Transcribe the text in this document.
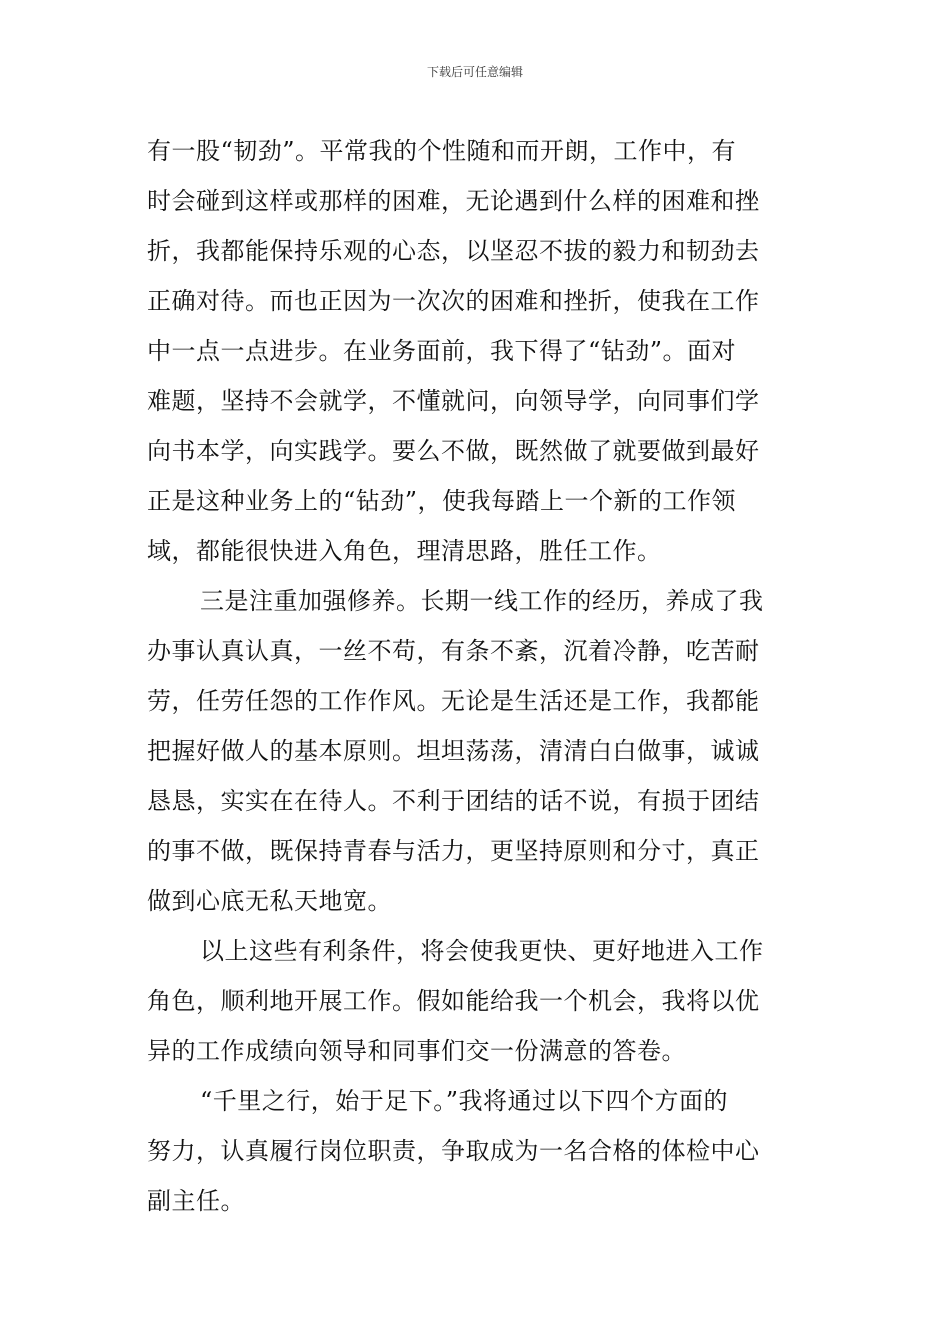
下载后可任意编辑
有一股“韧劲”。平常我的个性随和而开朗，工作中，有
时会碰到这样或那样的困难，无论遇到什么样的困难和挫
折，我都能保持乐观的心态，以坚忍不拔的毅力和韧劲去
正确对待。而也正因为一次次的困难和挫折，使我在工作
中一点一点进步。在业务面前，我下得了“钻劲”。面对
难题，坚持不会就学，不懂就问，向领导学，向同事们学
向书本学，向实践学。要么不做，既然做了就要做到最好
正是这种业务上的“钻劲”，使我每踏上一个新的工作领
域，都能很快进入角色，理清思路，胜任工作。
三是注重加强修养。长期一线工作的经历，养成了我
办事认真认真，一丝不苟，有条不紊，沉着冷静，吃苦耐
劳，任劳任怨的工作作风。无论是生活还是工作，我都能
把握好做人的基本原则。坦坦荡荡，清清白白做事，诚诚
恳恳，实实在在待人。不利于团结的话不说，有损于团结
的事不做，既保持青春与活力，更坚持原则和分寸，真正
做到心底无私天地宽。
以上这些有利条件，将会使我更快、更好地进入工作
角色，顺利地开展工作。假如能给我一个机会，我将以优
异的工作成绩向领导和同事们交一份满意的答卷。
“千里之行，始于足下。”我将通过以下四个方面的
努力，认真履行岗位职责，争取成为一名合格的体检中心
副主任。
